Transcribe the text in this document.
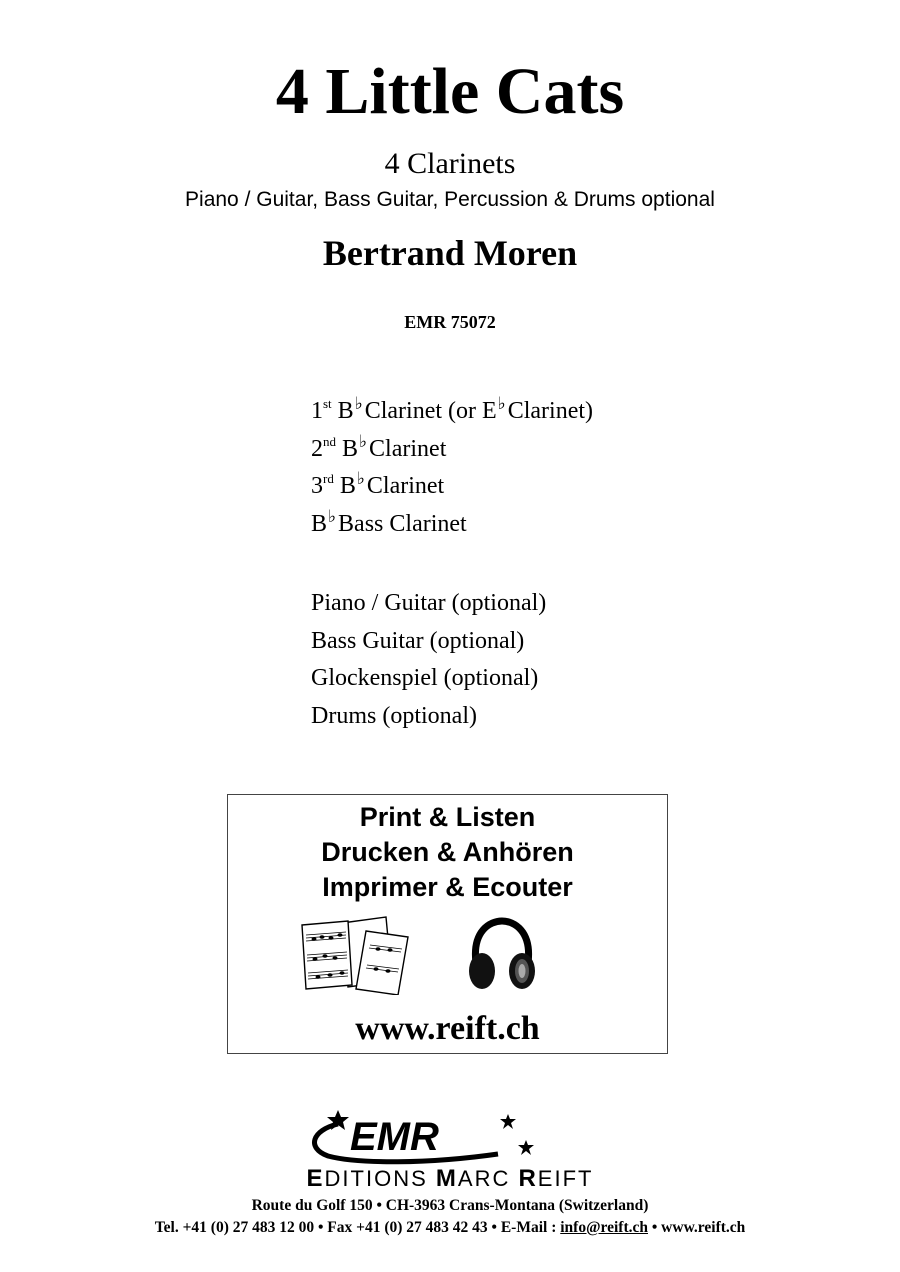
4 Little Cats
4 Clarinets
Piano / Guitar, Bass Guitar, Percussion & Drums optional
Bertrand Moren
EMR 75072
1st B♭Clarinet (or E♭Clarinet)
2nd B♭Clarinet
3rd B♭Clarinet
B♭Bass Clarinet
Piano / Guitar (optional)
Bass Guitar (optional)
Glockenspiel (optional)
Drums (optional)
Print & Listen
Drucken & Anhören
Imprimer & Ecouter
www.reift.ch
EMR
EDITIONS MARC REIFT
Route du Golf 150 • CH-3963 Crans-Montana (Switzerland)
Tel. +41 (0) 27 483 12 00 • Fax +41 (0) 27 483 42 43 • E-Mail : info@reift.ch • www.reift.ch
